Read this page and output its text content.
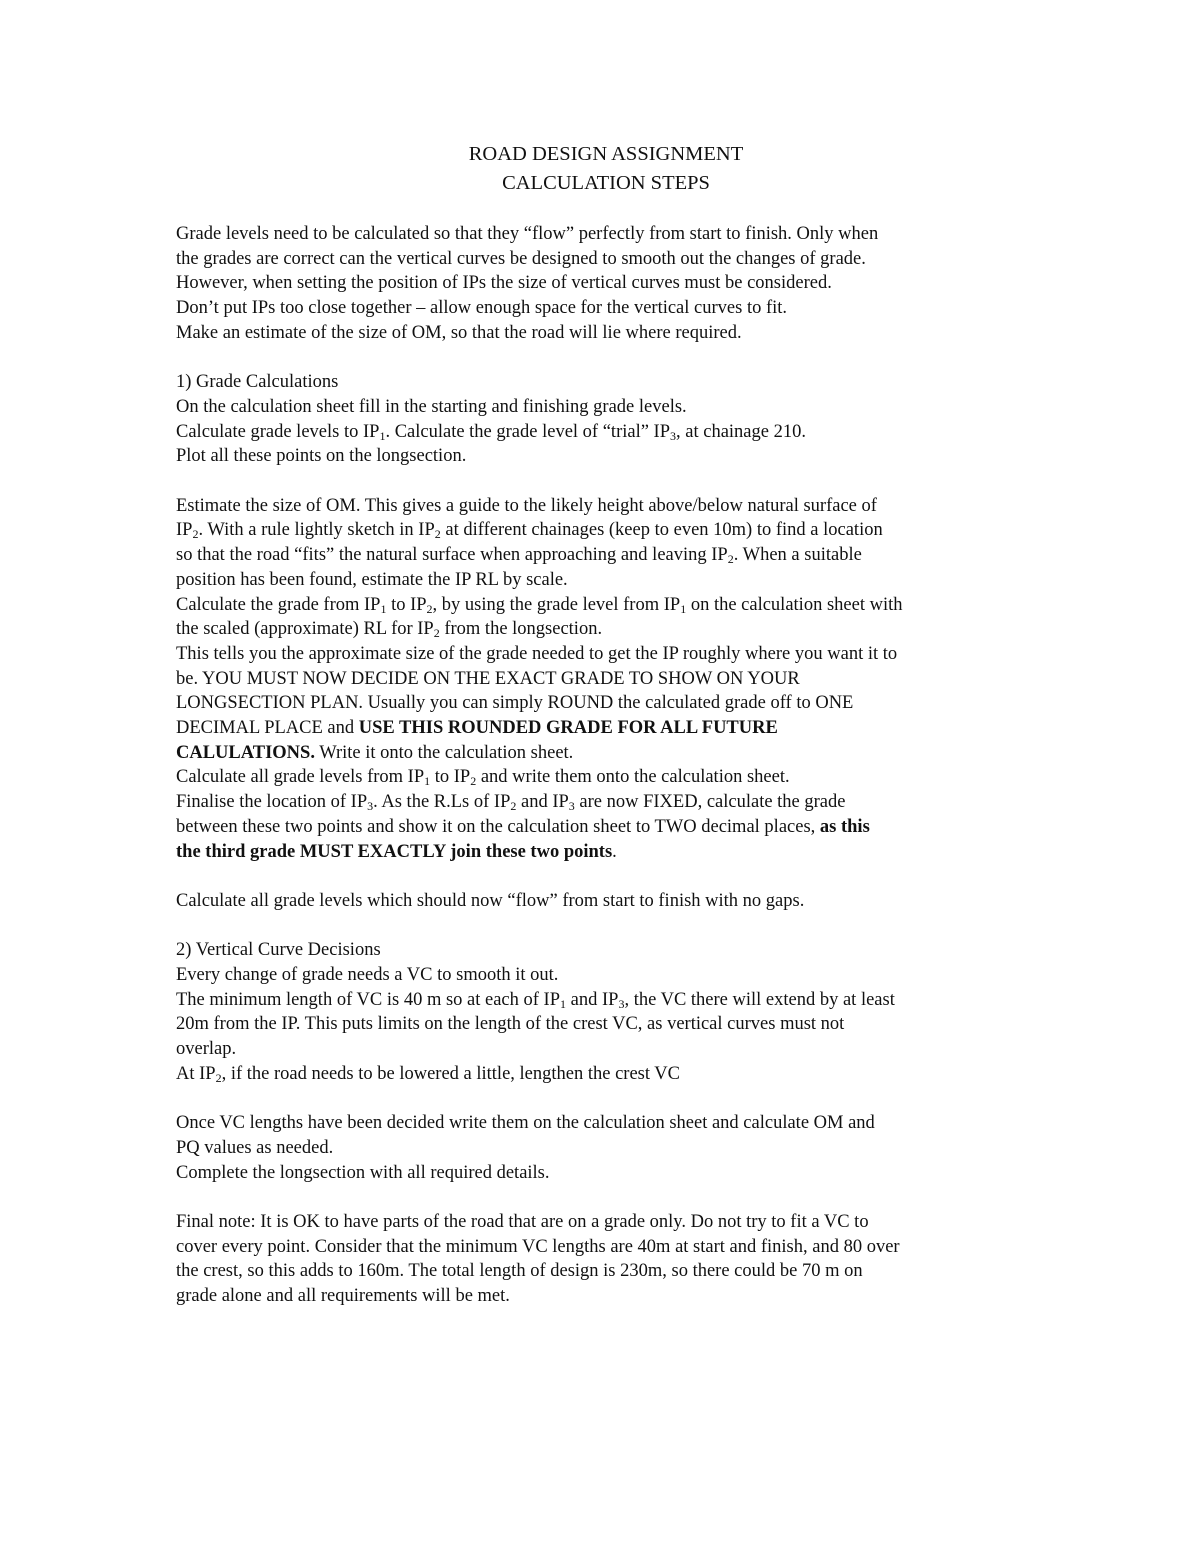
ROAD DESIGN ASSIGNMENT
CALCULATION STEPS
Grade levels need to be calculated so that they “flow” perfectly from start to finish. Only when
the grades are correct can the vertical curves be designed to smooth out the changes of grade.
However, when setting the position of IPs the size of vertical curves must be considered.
Don’t put IPs too close together – allow enough space for the vertical curves to fit.
Make an estimate of the size of OM, so that the road will lie where required.
1) Grade Calculations
On the calculation sheet fill in the starting and finishing grade levels.
Calculate grade levels to $IP_1$. Calculate the grade level of “trial” $IP_3$, at chainage 210.
Plot all these points on the longsection.
Estimate the size of OM. This gives a guide to the likely height above/below natural surface of
$IP_2$. With a rule lightly sketch in $IP_2$ at different chainages (keep to even 10m) to find a location
so that the road “fits” the natural surface when approaching and leaving $IP_2$. When a suitable
position has been found, estimate the IP RL by scale.
Calculate the grade from $IP_1$ to $IP_2$, by using the grade level from $IP_1$ on the calculation sheet with
the scaled (approximate) RL for $IP_2$ from the longsection.
This tells you the approximate size of the grade needed to get the IP roughly where you want it to
be. YOU MUST NOW DECIDE ON THE EXACT GRADE TO SHOW ON YOUR
LONGSECTION PLAN. Usually you can simply ROUND the calculated grade off to ONE
DECIMAL PLACE and USE THIS ROUNDED GRADE FOR ALL FUTURE
CALULATIONS. Write it onto the calculation sheet.
Calculate all grade levels from $IP_1$ to $IP_2$ and write them onto the calculation sheet.
Finalise the location of $IP_3$. As the R.Ls of $IP_2$ and $IP_3$ are now FIXED, calculate the grade
between these two points and show it on the calculation sheet to TWO decimal places, as this
the third grade MUST EXACTLY join these two points.
Calculate all grade levels which should now “flow” from start to finish with no gaps.
2) Vertical Curve Decisions
Every change of grade needs a VC to smooth it out.
The minimum length of VC is 40 m so at each of $IP_1$ and $IP_3$, the VC there will extend by at least
20m from the IP. This puts limits on the length of the crest VC, as vertical curves must not
overlap.
At $IP_2$, if the road needs to be lowered a little, lengthen the crest VC
Once VC lengths have been decided write them on the calculation sheet and calculate OM and
PQ values as needed.
Complete the longsection with all required details.
Final note: It is OK to have parts of the road that are on a grade only. Do not try to fit a VC to
cover every point. Consider that the minimum VC lengths are 40m at start and finish, and 80 over
the crest, so this adds to 160m. The total length of design is 230m, so there could be 70 m on
grade alone and all requirements will be met.
